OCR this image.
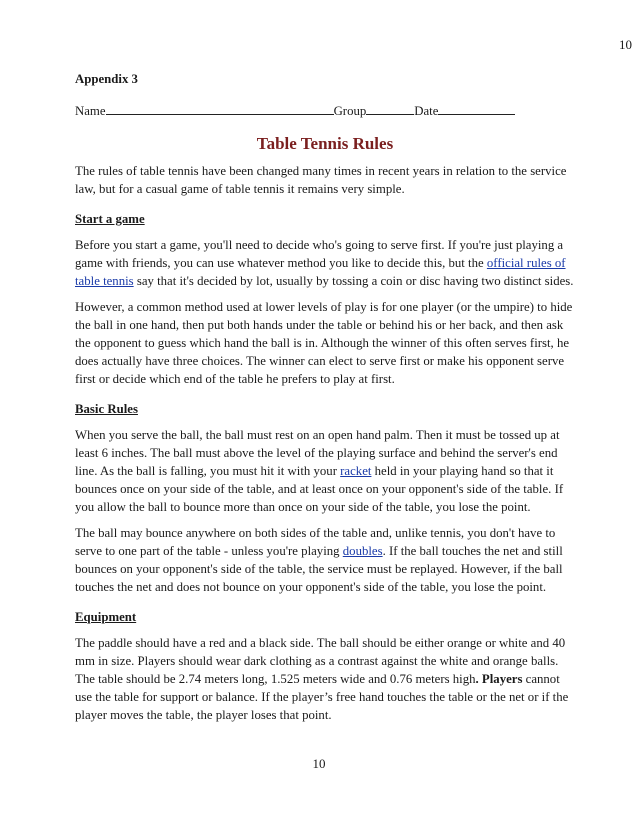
10

Appendix 3

Name	Group	Date

Table Tennis Rules

The rules of table tennis have been changed many times in recent years in relation to the service law, but for a casual game of table tennis it remains very simple.

Start a game

Before you start a game, you'll need to decide who's going to serve first. If you're just playing a game with friends, you can use whatever method you like to decide this, but the official rules of table tennis say that it's decided by lot, usually by tossing a coin or disc having two distinct sides.

However, a common method used at lower levels of play is for one player (or the umpire) to hide the ball in one hand, then put both hands under the table or behind his or her back, and then ask the opponent to guess which hand the ball is in. Although the winner of this often serves first, he does actually have three choices. The winner can elect to serve first or make his opponent serve first or decide which end of the table he prefers to play at first.

Basic Rules

When you serve the ball, the ball must rest on an open hand palm. Then it must be tossed up at least 6 inches. The ball must above the level of the playing surface and behind the server's end line. As the ball is falling, you must hit it with your racket held in your playing hand so that it bounces once on your side of the table, and at least once on your opponent's side of the table. If you allow the ball to bounce more than once on your side of the table, you lose the point.

The ball may bounce anywhere on both sides of the table and, unlike tennis, you don't have to serve to one part of the table - unless you're playing doubles. If the ball touches the net and still bounces on your opponent's side of the table, the service must be replayed. However, if the ball touches the net and does not bounce on your opponent's side of the table, you lose the point.

Equipment

The paddle should have a red and a black side. The ball should be either orange or white and 40 mm in size. Players should wear dark clothing as a contrast against the white and orange balls. The table should be 2.74 meters long, 1.525 meters wide and 0.76 meters high. Players cannot use the table for support or balance. If the player’s free hand touches the table or the net or if the player moves the table, the player loses that point.

10
